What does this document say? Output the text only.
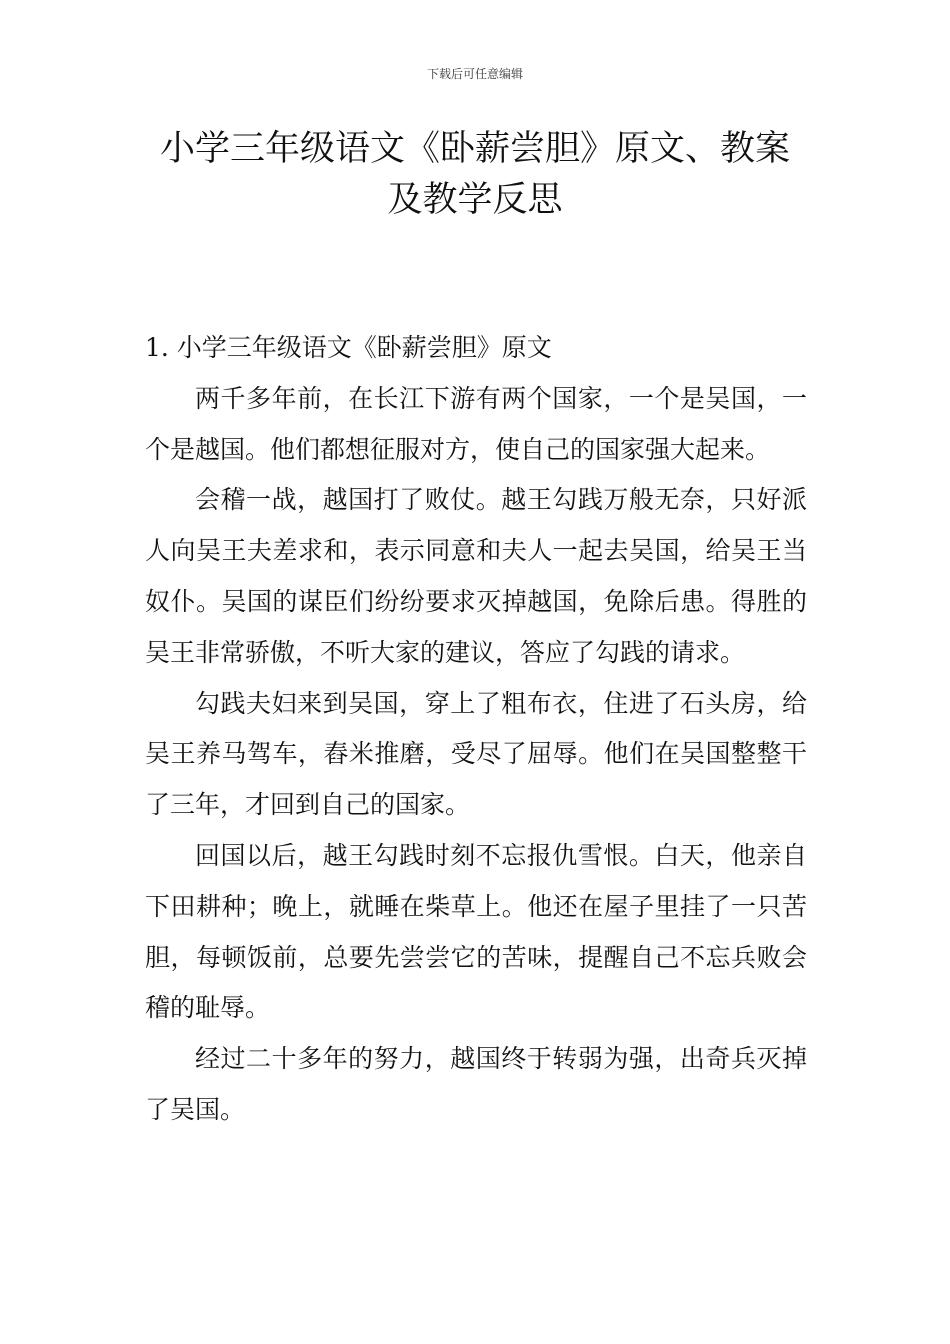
下载后可任意编辑
小学三年级语文《卧薪尝胆》原文、教案
及教学反思

1. 小学三年级语文《卧薪尝胆》原文

两千多年前，在长江下游有两个国家，一个是吴国，一个是越国。他们都想征服对方，使自己的国家强大起来。

会稽一战，越国打了败仗。越王勾践万般无奈，只好派人向吴王夫差求和，表示同意和夫人一起去吴国，给吴王当奴仆。吴国的谋臣们纷纷要求灭掉越国，免除后患。得胜的吴王非常骄傲，不听大家的建议，答应了勾践的请求。

勾践夫妇来到吴国，穿上了粗布衣，住进了石头房，给吴王养马驾车，舂米推磨，受尽了屈辱。他们在吴国整整干了三年，才回到自己的国家。

回国以后，越王勾践时刻不忘报仇雪恨。白天，他亲自下田耕种；晚上，就睡在柴草上。他还在屋子里挂了一只苦胆，每顿饭前，总要先尝尝它的苦味，提醒自己不忘兵败会稽的耻辱。

经过二十多年的努力，越国终于转弱为强，出奇兵灭掉了吴国。
